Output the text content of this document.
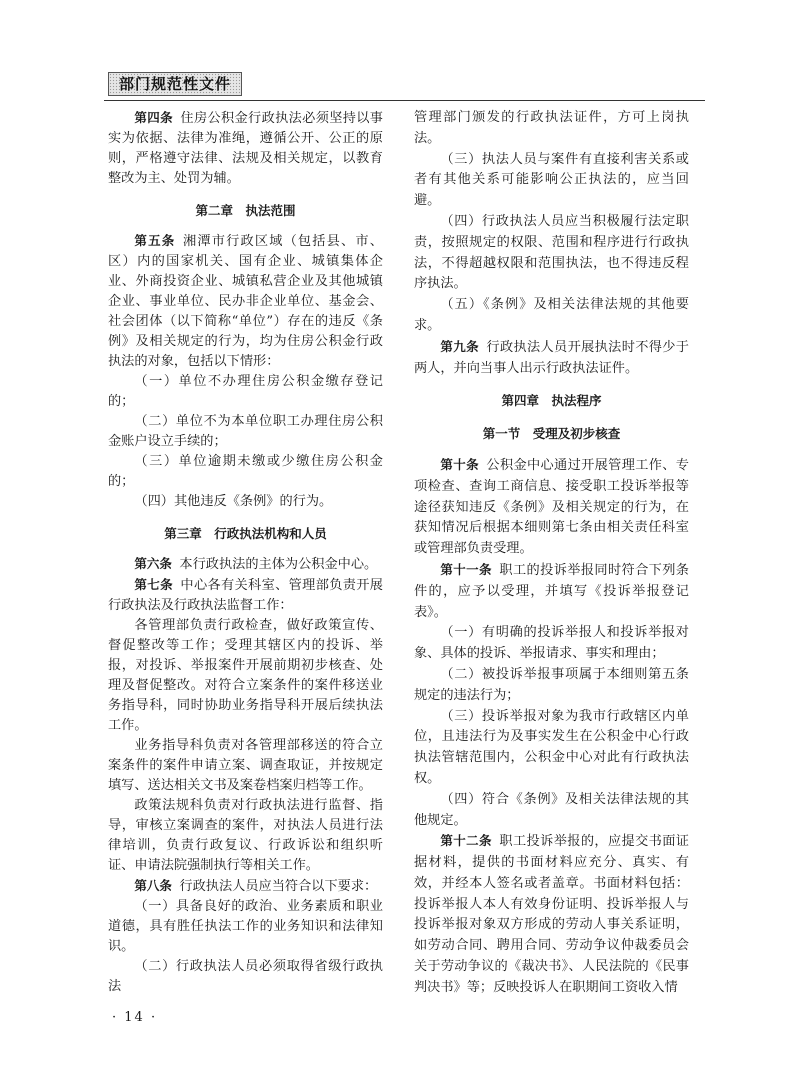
部门规范性文件

第四条 住房公积金行政执法必须坚持以事实为依据、法律为准绳，遵循公开、公正的原则，严格遵守法律、法规及相关规定，以教育整改为主、处罚为辅。

第二章　执法范围

第五条 湘潭市行政区域（包括县、市、区）内的国家机关、国有企业、城镇集体企业、外商投资企业、城镇私营企业及其他城镇企业、事业单位、民办非企业单位、基金会、社会团体（以下简称“单位”）存在的违反《条例》及相关规定的行为，均为住房公积金行政执法的对象，包括以下情形：

（一）单位不办理住房公积金缴存登记的；

（二）单位不为本单位职工办理住房公积金账户设立手续的；

（三）单位逾期未缴或少缴住房公积金的；

（四）其他违反《条例》的行为。

第三章　行政执法机构和人员

第六条 本行政执法的主体为公积金中心。

第七条 中心各有关科室、管理部负责开展行政执法及行政执法监督工作：

各管理部负责行政检查，做好政策宣传、督促整改等工作；受理其辖区内的投诉、举报，对投诉、举报案件开展前期初步核查、处理及督促整改。对符合立案条件的案件移送业务指导科，同时协助业务指导科开展后续执法工作。

业务指导科负责对各管理部移送的符合立案条件的案件申请立案、调查取证，并按规定填写、送达相关文书及案卷档案归档等工作。

政策法规科负责对行政执法进行监督、指导，审核立案调查的案件，对执法人员进行法律培训，负责行政复议、行政诉讼和组织听证、申请法院强制执行等相关工作。

第八条 行政执法人员应当符合以下要求：

（一）具备良好的政治、业务素质和职业道德，具有胜任执法工作的业务知识和法律知识。

（二）行政执法人员必须取得省级行政执法

管理部门颁发的行政执法证件，方可上岗执法。

（三）执法人员与案件有直接利害关系或者有其他关系可能影响公正执法的，应当回避。

（四）行政执法人员应当积极履行法定职责，按照规定的权限、范围和程序进行行政执法，不得超越权限和范围执法，也不得违反程序执法。

（五）《条例》及相关法律法规的其他要求。

第九条 行政执法人员开展执法时不得少于两人，并向当事人出示行政执法证件。

第四章　执法程序

第一节　受理及初步核查

第十条 公积金中心通过开展管理工作、专项检查、查询工商信息、接受职工投诉举报等途径获知违反《条例》及相关规定的行为，在获知情况后根据本细则第七条由相关责任科室或管理部负责受理。

第十一条 职工的投诉举报同时符合下列条件的，应予以受理，并填写《投诉举报登记表》。

（一）有明确的投诉举报人和投诉举报对象、具体的投诉、举报请求、事实和理由；

（二）被投诉举报事项属于本细则第五条规定的违法行为；

（三）投诉举报对象为我市行政辖区内单位，且违法行为及事实发生在公积金中心行政执法管辖范围内，公积金中心对此有行政执法权。

（四）符合《条例》及相关法律法规的其他规定。

第十二条 职工投诉举报的，应提交书面证据材料，提供的书面材料应充分、真实、有效，并经本人签名或者盖章。书面材料包括：投诉举报人本人有效身份证明、投诉举报人与投诉举报对象双方形成的劳动人事关系证明，如劳动合同、聘用合同、劳动争议仲裁委员会关于劳动争议的《裁决书》、人民法院的《民事判决书》等；反映投诉人在职期间工资收入情

· 14 ·
